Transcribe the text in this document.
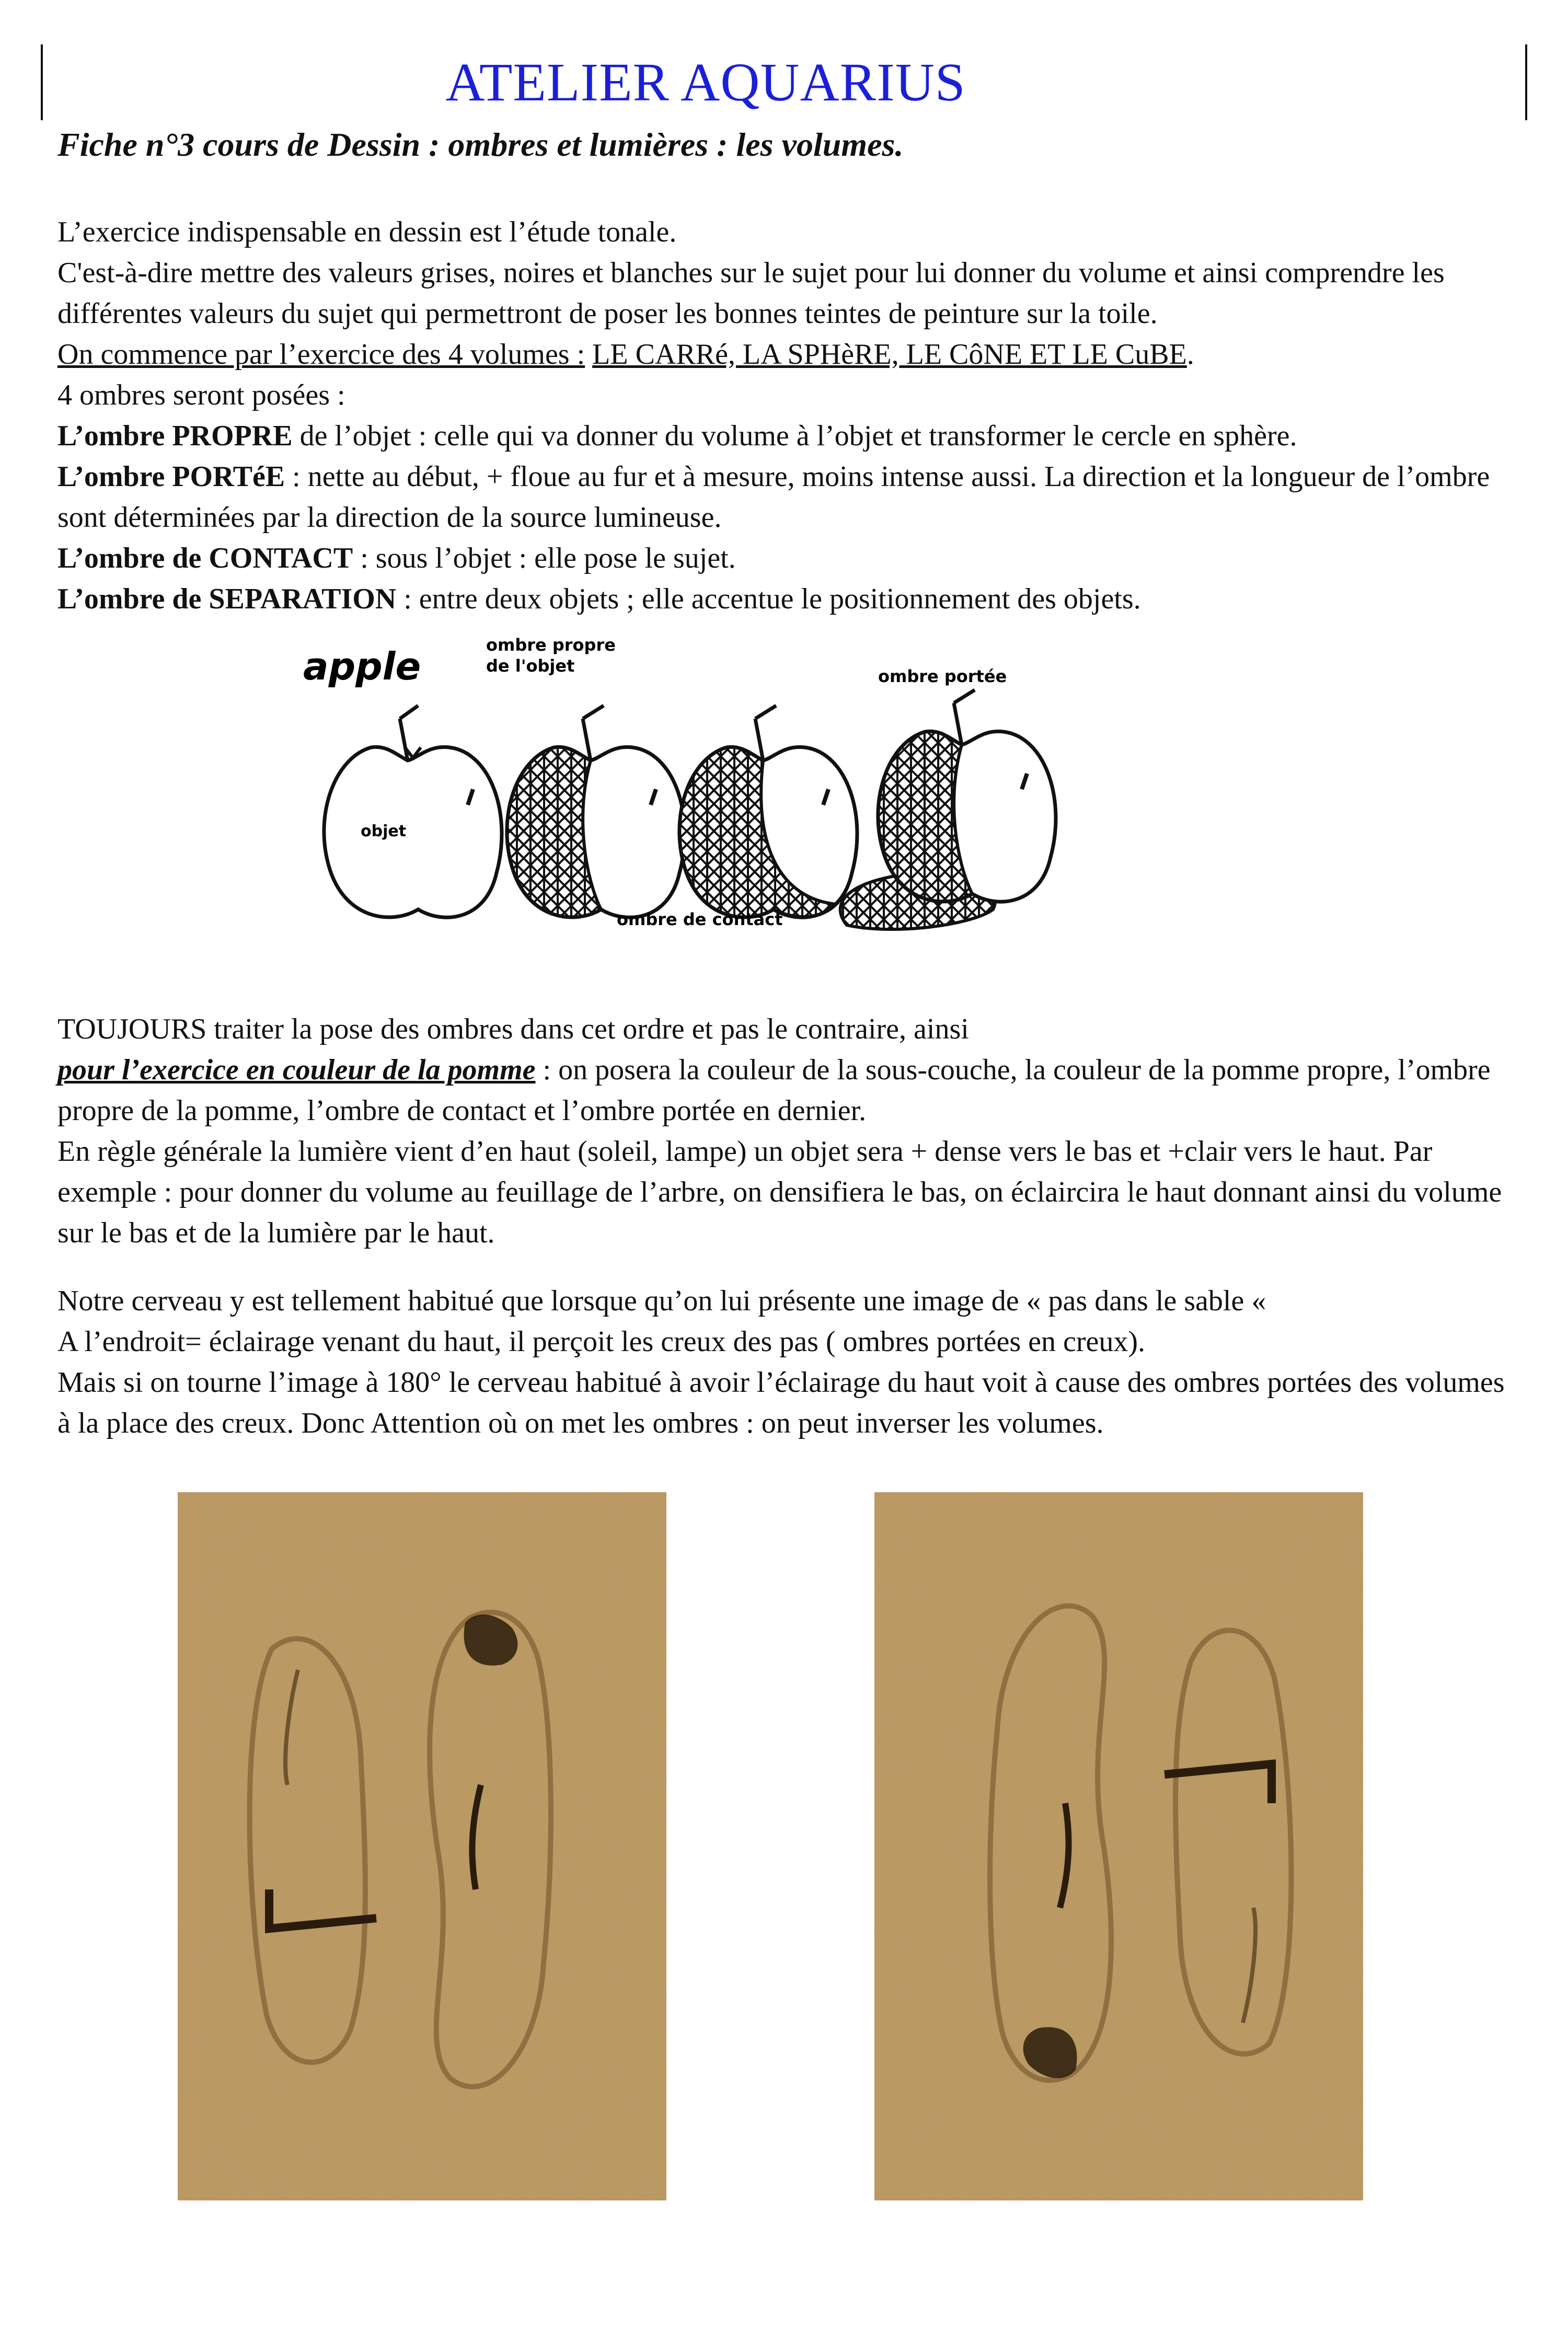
ATELIER AQUARIUS
Fiche n°3 cours de Dessin : ombres et lumières : les volumes.

L’exercice indispensable en dessin est l’étude tonale.

C'est-à-dire mettre des valeurs grises, noires et blanches sur le sujet pour lui donner du volume et ainsi comprendre les différentes valeurs du sujet qui permettront de poser les bonnes teintes de peinture sur la toile.

On commence par l’exercice des 4 volumes : LE CARRé, LA SPHèRE, LE CôNE ET LE CuBE.

4 ombres seront posées :

L’ombre PROPRE de l’objet : celle qui va donner du volume à l’objet et transformer le cercle en sphère.

L’ombre PORTéE : nette au début, + floue au fur et à mesure, moins intense aussi. La direction et la longueur de l’ombre sont déterminées par la direction de la source lumineuse.

L’ombre de CONTACT : sous l’objet : elle pose le sujet.

L’ombre de SEPARATION : entre deux objets ; elle accentue le positionnement des objets.

apple
objet
ombre propre
de l'objet
ombre portée
ombre de contact

TOUJOURS traiter la pose des ombres dans cet ordre et pas le contraire, ainsi

pour l’exercice en couleur de la pomme : on posera la couleur de la sous-couche, la couleur de la pomme propre, l’ombre propre de la pomme, l’ombre de contact et l’ombre portée en dernier.

En règle générale la lumière vient d’en haut (soleil, lampe) un objet sera + dense vers le bas et +clair vers le haut. Par exemple : pour donner du volume au feuillage de l’arbre, on densifiera le bas, on éclaircira le haut donnant ainsi du volume sur le bas et de la lumière par le haut.

Notre cerveau y est tellement habitué que lorsque qu’on lui présente une image de « pas dans le sable «

A l’endroit= éclairage venant du haut, il perçoit les creux des pas ( ombres portées en creux).

Mais si on tourne l’image à 180° le cerveau habitué à avoir l’éclairage du haut voit à cause des ombres portées des volumes à la place des creux. Donc Attention où on met les ombres : on peut inverser les volumes.
